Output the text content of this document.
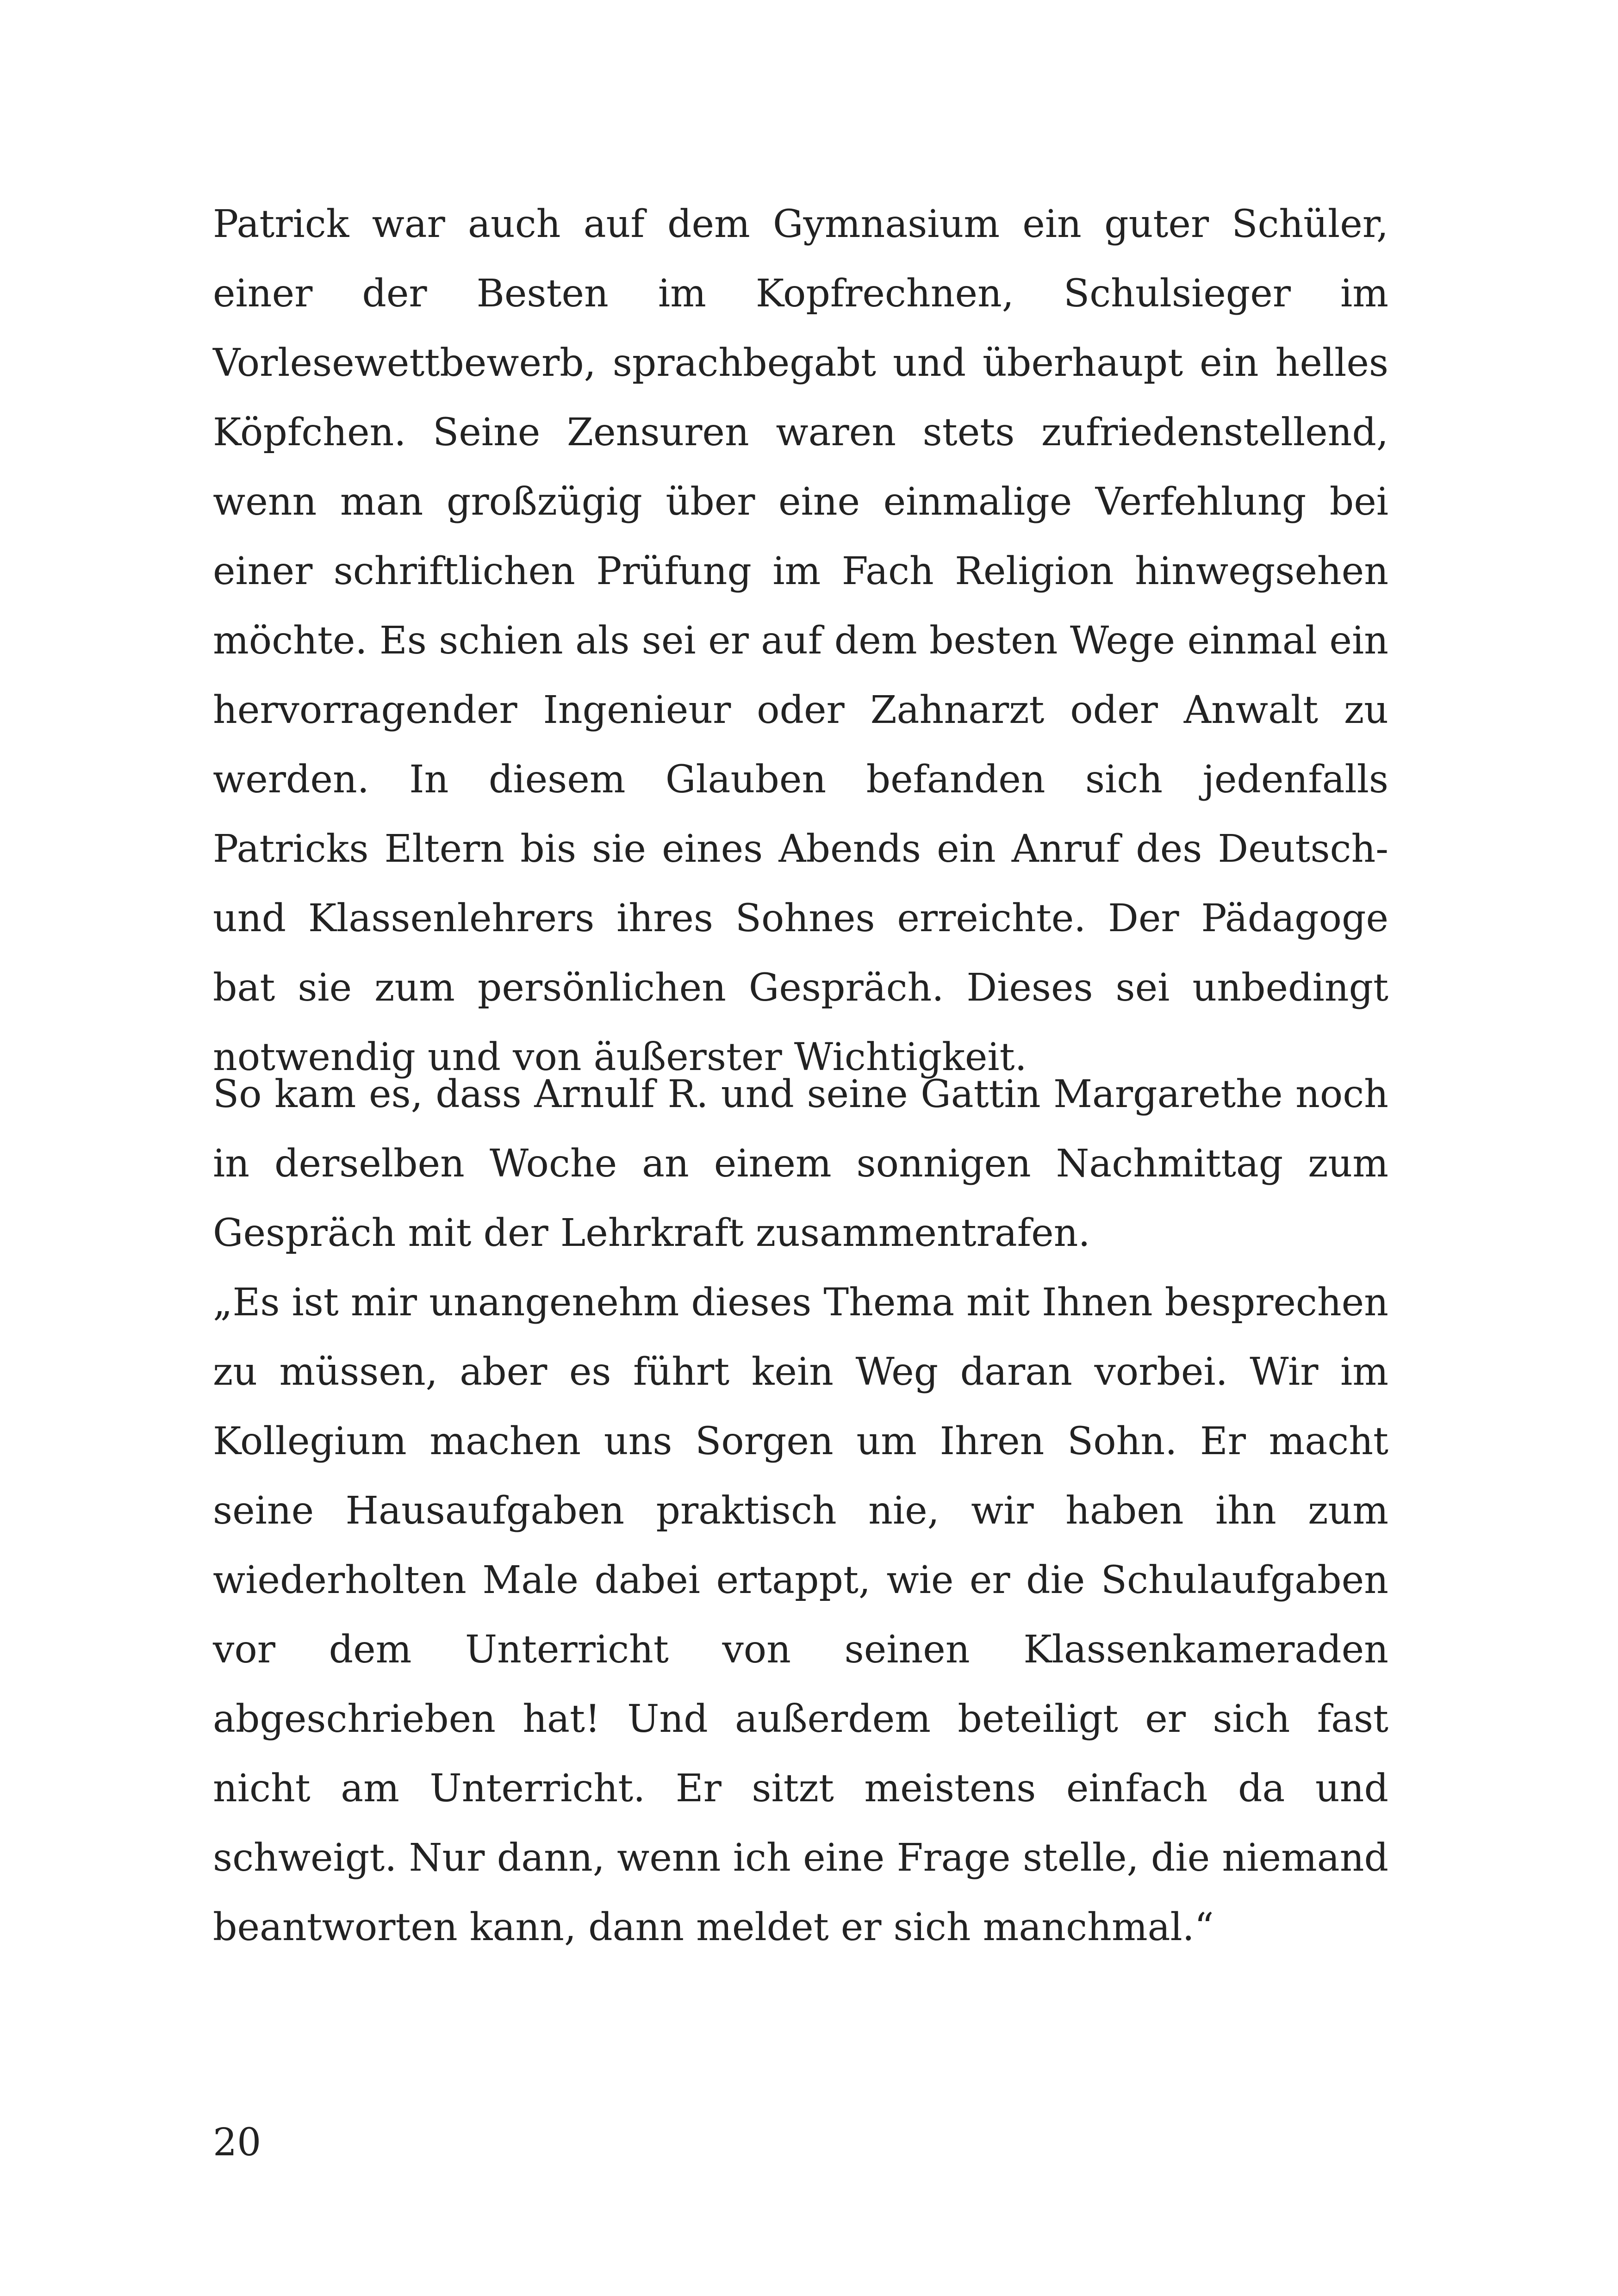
Patrick war auch auf dem Gymnasium ein guter Schüler, einer der Besten im Kopfrechnen, Schulsieger im Vorlesewettbewerb, sprachbegabt und überhaupt ein helles Köpfchen. Seine Zensuren waren stets zufriedenstellend, wenn man großzügig über eine einmalige Verfehlung bei einer schriftlichen Prüfung im Fach Religion hinwegsehen möchte. Es schien als sei er auf dem besten Wege einmal ein hervorragender Ingenieur oder Zahnarzt oder Anwalt zu werden. In diesem Glauben befanden sich jedenfalls Patricks Eltern bis sie eines Abends ein Anruf des Deutsch- und Klassenlehrers ihres Sohnes erreichte. Der Pädagoge bat sie zum persönlichen Gespräch. Dieses sei unbedingt notwendig und von äußerster Wichtigkeit.

So kam es, dass Arnulf R. und seine Gattin Margarethe noch in derselben Woche an einem sonnigen Nachmittag zum Gespräch mit der Lehrkraft zusammentrafen.

„Es ist mir unangenehm dieses Thema mit Ihnen besprechen zu müssen, aber es führt kein Weg daran vorbei. Wir im Kollegium machen uns Sorgen um Ihren Sohn. Er macht seine Hausaufgaben praktisch nie, wir haben ihn zum wiederholten Male dabei ertappt, wie er die Schulaufgaben vor dem Unterricht von seinen Klassenkameraden abgeschrieben hat! Und außerdem beteiligt er sich fast nicht am Unterricht. Er sitzt meistens einfach da und schweigt. Nur dann, wenn ich eine Frage stelle, die niemand beantworten kann, dann meldet er sich manchmal.“

20
